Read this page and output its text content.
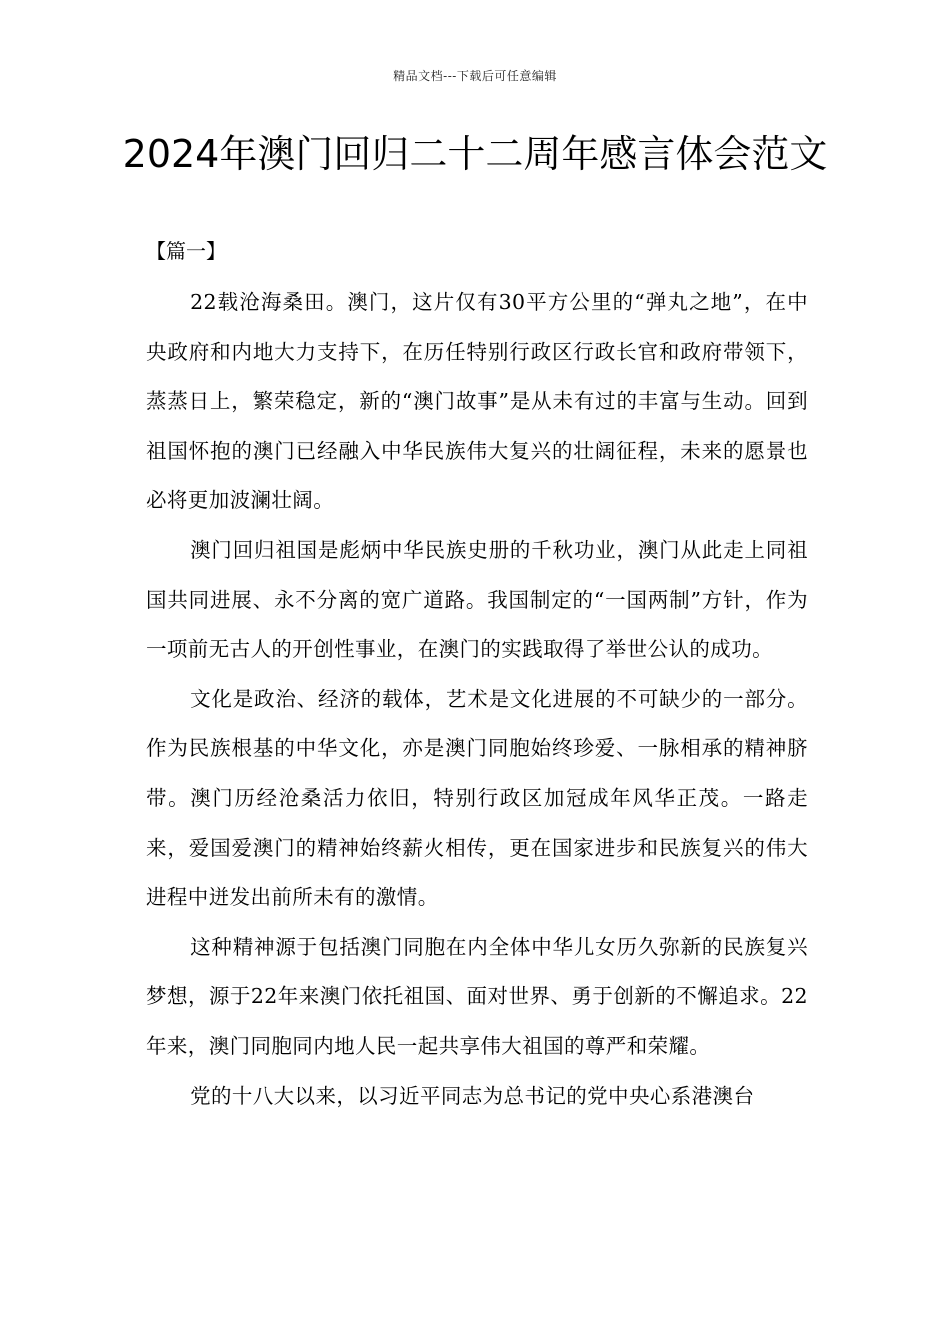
精品文档---下载后可任意编辑
2024年澳门回归二十二周年感言体会范文
【篇一】

22载沧海桑田。澳门，这片仅有30平方公里的“弹丸之地”，在中央政府和内地大力支持下，在历任特别行政区行政长官和政府带领下，蒸蒸日上，繁荣稳定，新的“澳门故事”是从未有过的丰富与生动。回到祖国怀抱的澳门已经融入中华民族伟大复兴的壮阔征程，未来的愿景也必将更加波澜壮阔。

澳门回归祖国是彪炳中华民族史册的千秋功业，澳门从此走上同祖国共同进展、永不分离的宽广道路。我国制定的“一国两制”方针，作为一项前无古人的开创性事业，在澳门的实践取得了举世公认的成功。

文化是政治、经济的载体，艺术是文化进展的不可缺少的一部分。作为民族根基的中华文化，亦是澳门同胞始终珍爱、一脉相承的精神脐带。澳门历经沧桑活力依旧，特别行政区加冠成年风华正茂。一路走来，爱国爱澳门的精神始终薪火相传，更在国家进步和民族复兴的伟大进程中迸发出前所未有的激情。

这种精神源于包括澳门同胞在内全体中华儿女历久弥新的民族复兴梦想，源于22年来澳门依托祖国、面对世界、勇于创新的不懈追求。22年来，澳门同胞同内地人民一起共享伟大祖国的尊严和荣耀。

党的十八大以来，以习近平同志为总书记的党中央心系港澳台
